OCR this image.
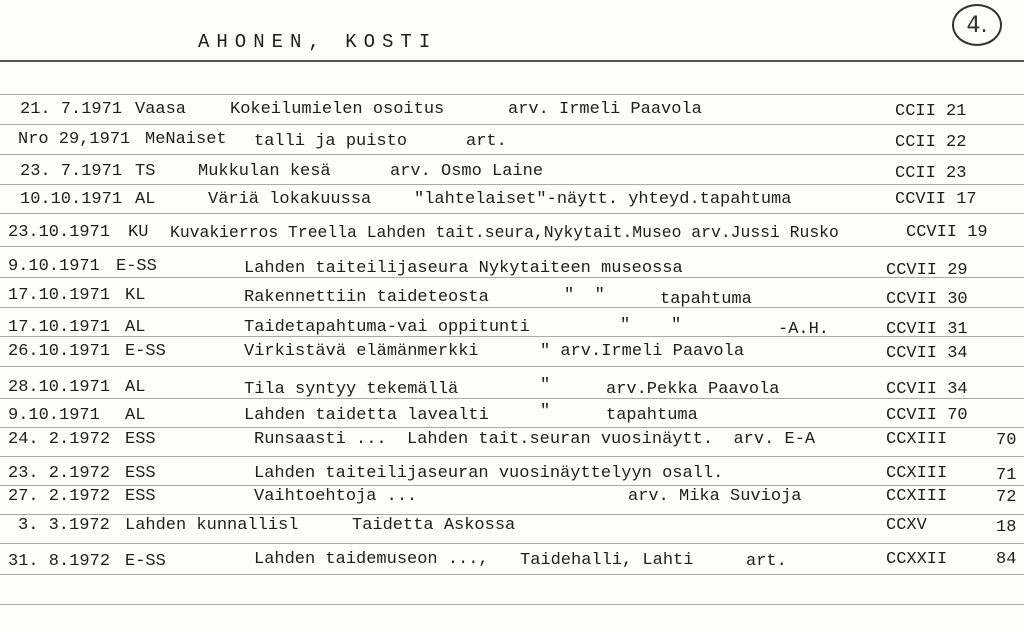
AHONEN, KOSTI
4.
21. 7.1971 Vaasa	Kokeilumielen osoitus	arv. Irmeli Paavola	CCII 21
Nro 29,1971 MeNaiset talli ja puisto	art.	CCII 22
23. 7.1971 TS	Mukkulan kesä	arv. Osmo Laine	CCII 23
10.10.1971 AL	Väriä lokakuussa	"lahtelaiset"-näytt. yhteyd.tapahtuma	CCVII 17
23.10.1971 KU Kuvakierros Treella Lahden tait.seura,Nykytait.Museo arv.Jussi Rusko	CCVII 19
9.10.1971 E-SS	Lahden taiteilijaseura Nykytaiteen museossa	CCVII 29
17.10.1971 KL	Rakennettiin taideteosta	"  "	tapahtuma	CCVII 30
17.10.1971 AL	Taidetapahtuma-vai oppitunti	"    "	-A.H.	CCVII 31
26.10.1971 E-SS	Virkistävä elämänmerkki	" arv.Irmeli Paavola	CCVII 34
28.10.1971 AL	Tila syntyy tekemällä	"	arv.Pekka Paavola	CCVII 34
9.10.1971 AL	Lahden taidetta lavealti	"	tapahtuma	CCVII 70
24. 2.1972 ESS	Runsaasti ...  Lahden tait.seuran vuosinäytt.  arv. E-A	CCXIII	70
23. 2.1972 ESS	Lahden taiteilijaseuran vuosinäyttelyyn osall.	CCXIII	71
27. 2.1972 ESS	Vaihtoehtoja ...	arv. Mika Suvioja	CCXIII	72
3. 3.1972 Lahden kunnallisl	Taidetta Askossa	CCXV	18
31. 8.1972 E-SS	Lahden taidemuseon ..., Taidehalli, Lahti	art.	CCXXII	84
